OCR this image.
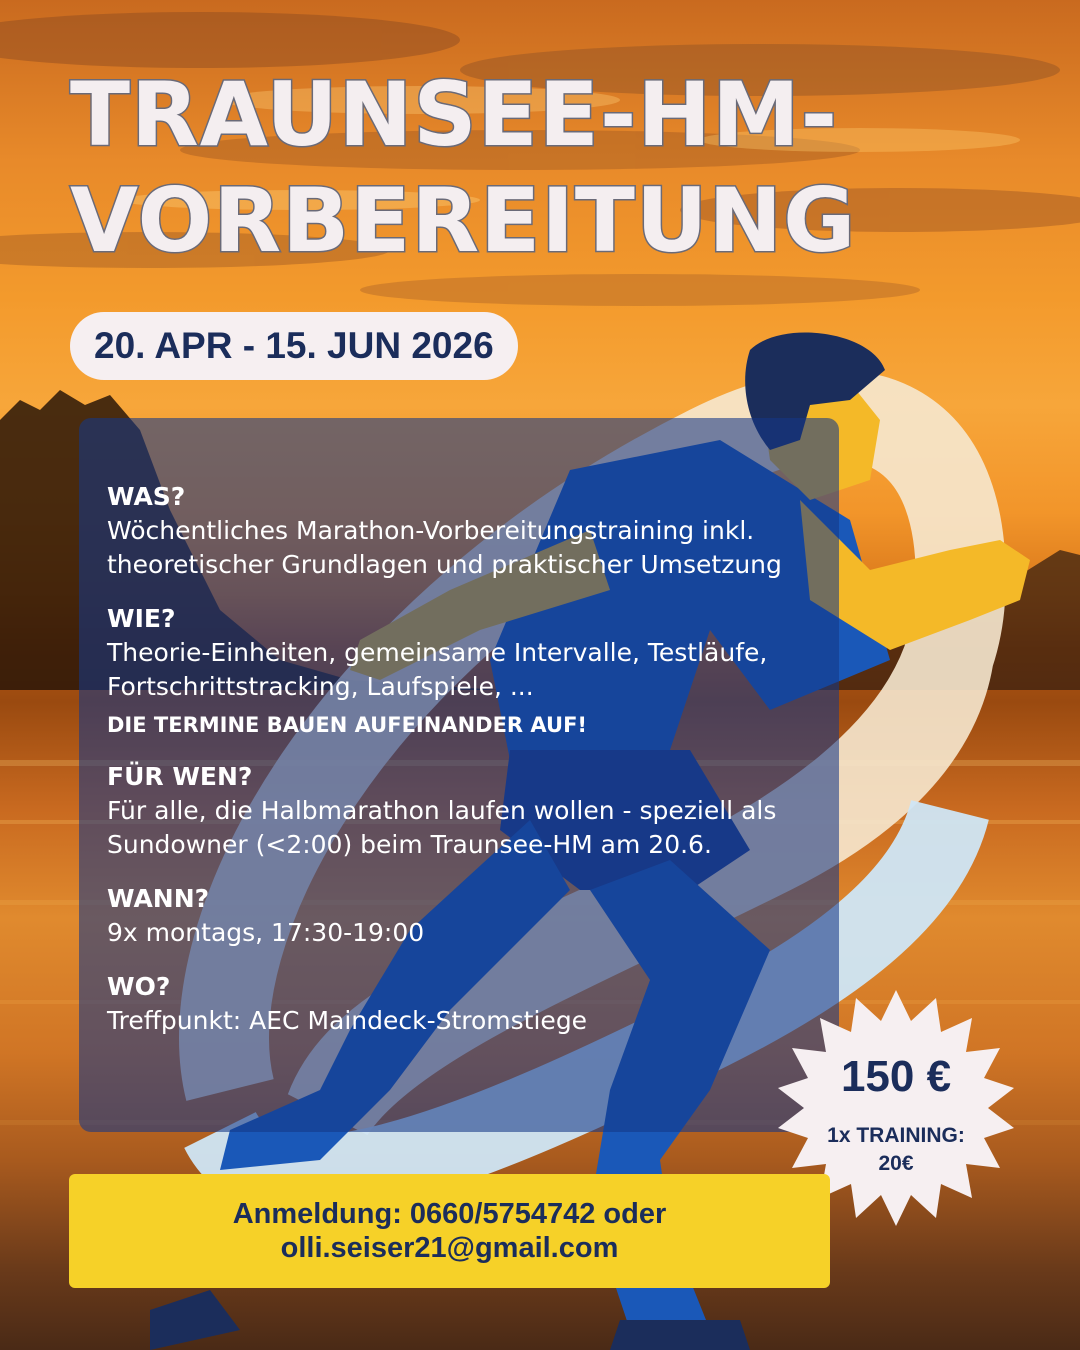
TRAUNSEE-HM-
VORBEREITUNG
20. APR - 15. JUN 2026
WAS?
Wöchentliches Marathon-Vorbereitungstraining inkl. theoretischer Grundlagen und praktischer Umsetzung
WIE?
Theorie-Einheiten, gemeinsame Intervalle, Testläufe, Fortschrittstracking, Laufspiele, ...
DIE TERMINE BAUEN AUFEINANDER AUF!
FÜR WEN?
Für alle, die Halbmarathon laufen wollen - speziell als Sundowner (<2:00) beim Traunsee-HM am 20.6.
WANN?
9x montags, 17:30-19:00
WO?
Treffpunkt: AEC Maindeck-Stromstiege
150 €
1x TRAINING:
20€
Anmeldung: 0660/5754742 oder
olli.seiser21@gmail.com
